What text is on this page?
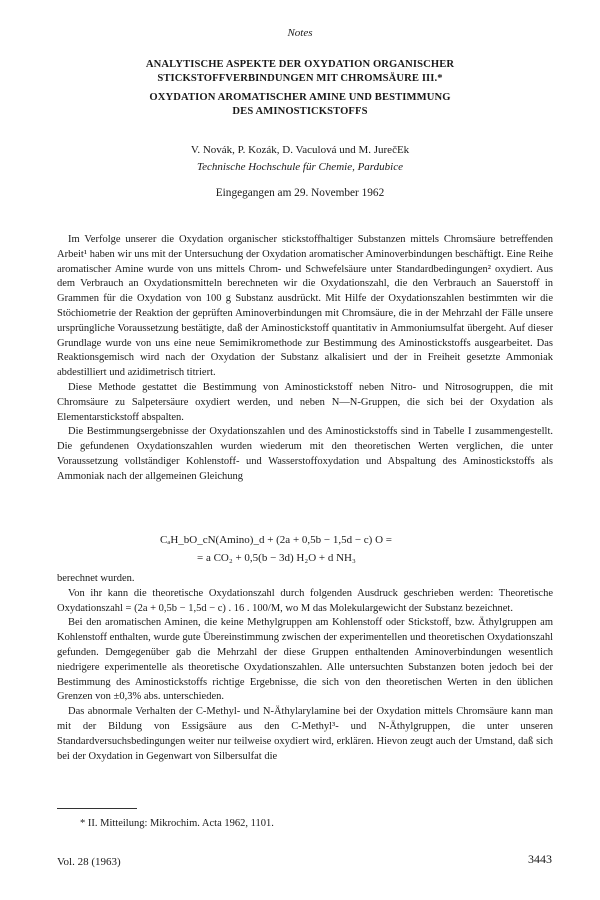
Notes
ANALYTISCHE ASPEKTE DER OXYDATION ORGANISCHER
STICKSTOFFVERBINDUNGEN MIT CHROMSÄURE III.*
OXYDATION AROMATISCHER AMINE UND BESTIMMUNG
DES AMINOSTICKSTOFFS
V. Novák, P. Kozák, D. Vaculová und M. JurečEk
Technische Hochschule für Chemie, Pardubice
Eingegangen am 29. November 1962

Im Verfolge unserer die Oxydation organischer stickstoffhaltiger Substanzen mittels Chromsäure betreffenden Arbeit¹ haben wir uns mit der Untersuchung der Oxydation aromatischer Aminoverbindungen beschäftigt. Eine Reihe aromatischer Amine wurde von uns mittels Chrom- und Schwefelsäure unter Standardbedingungen² oxydiert. Aus dem Verbrauch an Oxydationsmitteln berechneten wir die Oxydationszahl, die den Verbrauch an Sauerstoff in Grammen für die Oxydation von 100 g Substanz ausdrückt. Mit Hilfe der Oxydationszahlen bestimmten wir die Stöchiometrie der Reaktion der geprüften Aminoverbindungen mit Chromsäure, die in der Mehrzahl der Fälle unsere ursprüngliche Voraussetzung bestätigte, daß der Aminostickstoff quantitativ in Ammoniumsulfat übergeht. Auf dieser Grundlage wurde von uns eine neue Semimikromethode zur Bestimmung des Aminostickstoffs ausgearbeitet. Das Reaktionsgemisch wird nach der Oxydation der Substanz alkalisiert und der in Freiheit gesetzte Ammoniak abdestilliert und azidimetrisch titriert.

Diese Methode gestattet die Bestimmung von Aminostickstoff neben Nitro- und Nitrosogruppen, die mit Chromsäure zu Salpetersäure oxydiert werden, und neben N—N-Gruppen, die sich bei der Oxydation als Elementarstickstoff abspalten.

Die Bestimmungsergebnisse der Oxydationszahlen und des Aminostickstoffs sind in Tabelle I zusammengestellt. Die gefundenen Oxydationszahlen wurden wiederum mit den theoretischen Werten verglichen, die unter Voraussetzung vollständiger Kohlenstoff- und Wasserstoffoxydation und Abspaltung des Aminostickstoffs als Ammoniak nach der allgemeinen Gleichung

CₐH_bO_cN(Amino)_d + (2a + 0,5b − 1,5d − c) O =
= a CO₂ + 0,5(b − 3d) H₂O + d NH₃

berechnet wurden.

Von ihr kann die theoretische Oxydationszahl durch folgenden Ausdruck geschrieben werden: Theoretische Oxydationszahl = (2a + 0,5b − 1,5d − c) . 16 . 100/M, wo M das Molekulargewicht der Substanz bezeichnet.

Bei den aromatischen Aminen, die keine Methylgruppen am Kohlenstoff oder Stickstoff, bzw. Äthylgruppen am Kohlenstoff enthalten, wurde gute Übereinstimmung zwischen der experimentellen und theoretischen Oxydationszahl gefunden. Demgegenüber gab die Mehrzahl der diese Gruppen enthaltenden Aminoverbindungen wesentlich niedrigere experimentelle als theoretische Oxydationszahlen. Alle untersuchten Substanzen boten jedoch bei der Bestimmung des Aminostickstoffs richtige Ergebnisse, die sich von den theoretischen Werten in den üblichen Grenzen von ±0,3% abs. unterschieden.

Das abnormale Verhalten der C-Methyl- und N-Äthylarylamine bei der Oxydation mittels Chromsäure kann man mit der Bildung von Essigsäure aus den C-Methyl³- und N-Äthylgruppen, die unter unseren Standardversuchsbedingungen weiter nur teilweise oxydiert wird, erklären. Hievon zeugt auch der Umstand, daß sich bei der Oxydation in Gegenwart von Silbersulfat die

* II. Mitteilung: Mikrochim. Acta 1962, 1101.
Vol. 28 (1963)	3443
